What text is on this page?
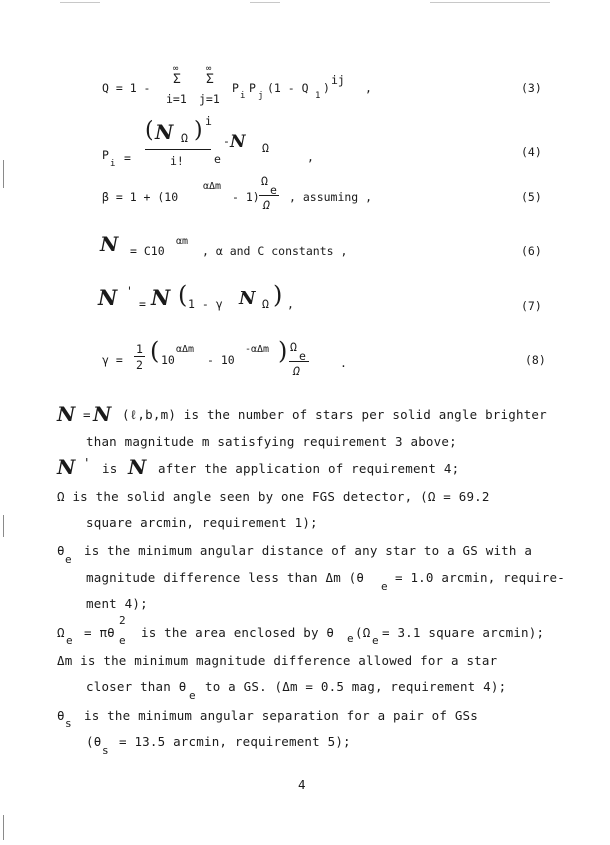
Q = 1 -
∞
Σ
i=1
∞
Σ
j=1
P
i
P
j
(1 - Q
1
)
ij
,	(3)
P
i =
( N Ω ) i
i!	e
- N Ω
,	(4)
β = 1 + (10
αΔm
- 1)
Ω
e
Ω
, assuming ,	(5)
N = C10
αm
, α and C constants ,	(6)
N '
= N ( 1 - γ N Ω ) ,	(7)
γ =
1
2 ( 10
αΔm
- 10
-αΔm ) Ω
e
Ω
.	(8)
N = N (ℓ,b,m) is the number of stars per solid angle brighter
than magnitude m satisfying requirement 3 above;
N ' is N after the application of requirement 4;
Ω is the solid angle seen by one FGS detector, (Ω = 69.2
square arcmin, requirement 1);
θ
e
is the minimum angular distance of any star to a GS with a
magnitude difference less than Δm (θ
e
= 1.0 arcmin, require-
ment 4);
Ω
e
= πθ
2
e
is the area enclosed by θ e (Ω
e
= 3.1 square arcmin);
Δm is the minimum magnitude difference allowed for a star
closer than θ
e
to a GS. (Δm = 0.5 mag, requirement 4);
θ
s
is the minimum angular separation for a pair of GSs
(θ
s
= 13.5 arcmin, requirement 5);
4
